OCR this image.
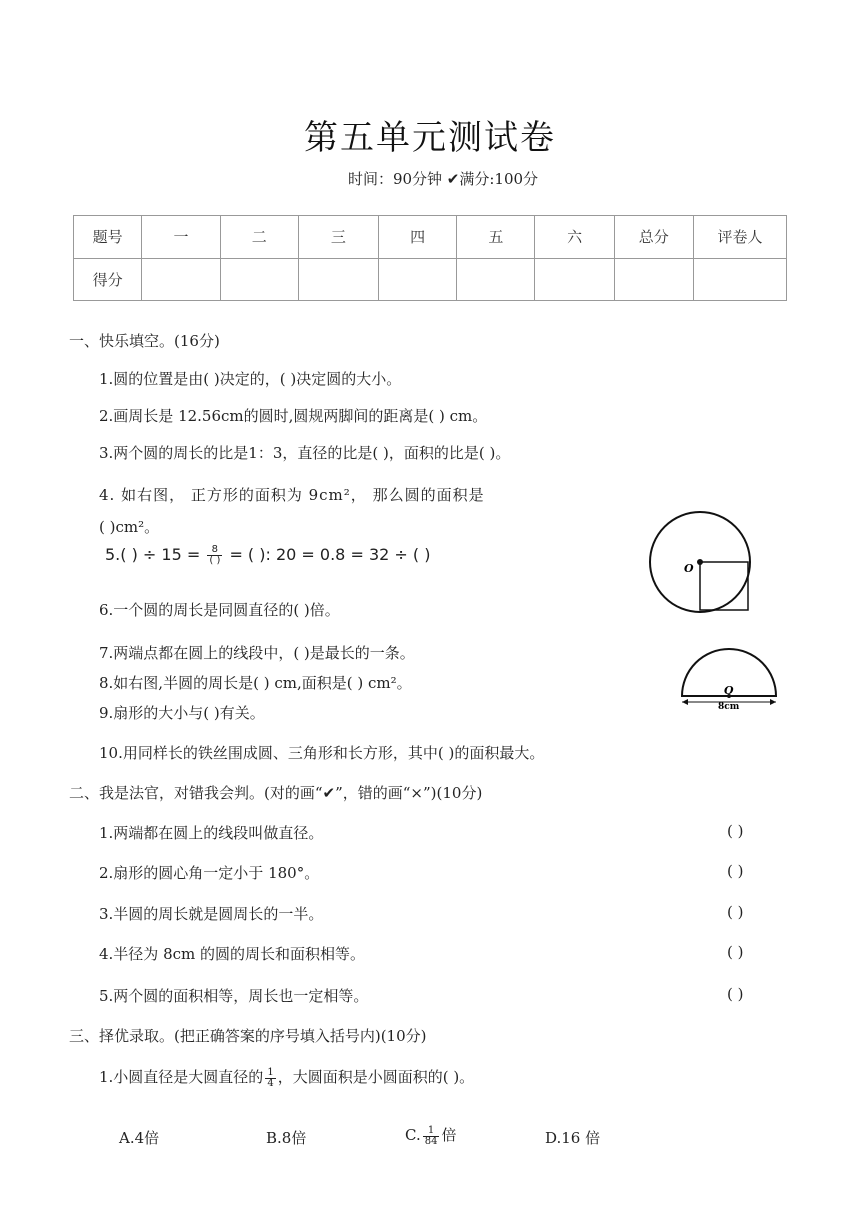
第五单元测试卷
时间：90分钟 ✔满分:100分
题号	一	二	三	四	五	六	总分	评卷人
得分								
一、快乐填空。(16分)
1.圆的位置是由( )决定的，( )决定圆的大小。
2.画周长是 12.56cm的圆时,圆规两脚间的距离是( ) cm。
3.两个圆的周长的比是1：3，直径的比是( )，面积的比是( )。
4. 如右图， 正方形的面积为 9cm²， 那么圆的面积是
( )cm²。
5.( ) ÷ $15 = \frac{8}{( )}$ = ( ): 20 = 0.8 = 32 ÷ ( )
6.一个圆的周长是同圆直径的( )倍。
7.两端点都在圆上的线段中，( )是最长的一条。
8.如右图,半圆的周长是( ) cm,面积是( ) cm²。
9.扇形的大小与( )有关。
10.用同样长的铁丝围成圆、三角形和长方形，其中( )的面积最大。
O
O
8cm
二、我是法官，对错我会判。(对的画“✔”，错的画“×”)(10分)
1.两端都在圆上的线段叫做直径。	( )
2.扇形的圆心角一定小于 180°。	( )
3.半圆的周长就是圆周长的一半。	( )
4.半径为 8cm 的圆的周长和面积相等。	( )
5.两个圆的面积相等，周长也一定相等。	( )
三、择优录取。(把正确答案的序号填入括号内)(10分)
1.小圆直径是大圆直径的 $\frac{1}{4}$ ，大圆面积是小圆面积的( )。
A.4倍	B.8倍	C. $\frac{1}{84}$ 倍	D.16 倍
